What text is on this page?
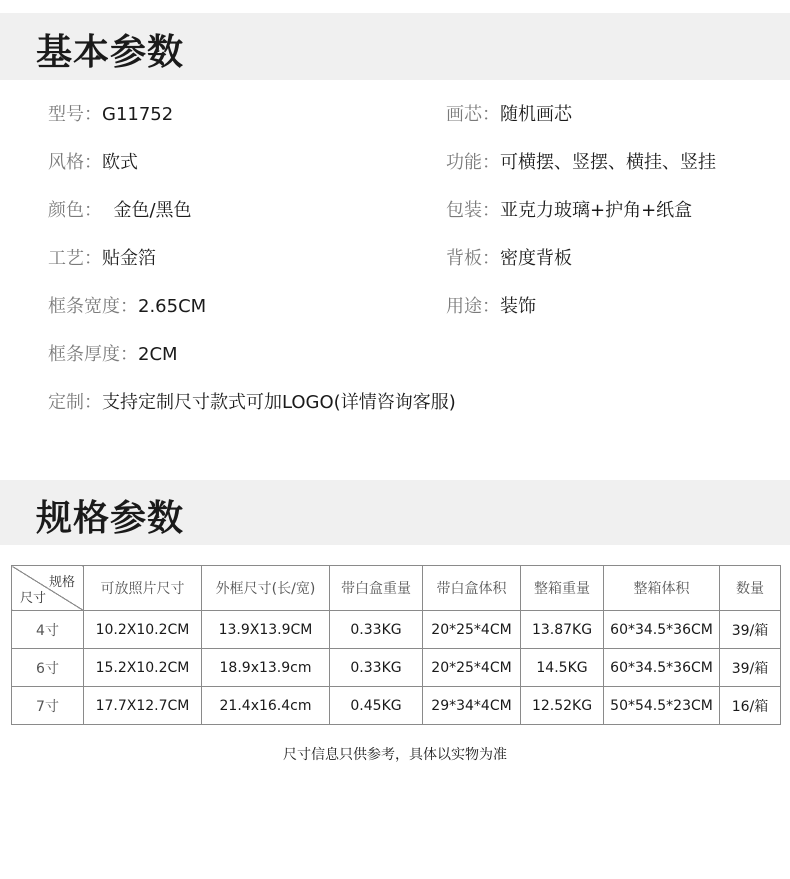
基本参数
型号：G11752
风格：欧式
颜色：  金色/黑色
工艺：贴金箔
框条宽度：2.65CM
框条厚度：2CM
定制：支持定制尺寸款式可加LOGO(详情咨询客服)
画芯：随机画芯
功能：可横摆、竖摆、横挂、竖挂
包装：亚克力玻璃+护角+纸盒
背板：密度背板
用途：装饰
规格参数
规格
尺寸	可放照片尺寸	外框尺寸(长/宽)	带白盒重量	带白盒体积	整箱重量	整箱体积	数量
4寸	10.2X10.2CM	13.9X13.9CM	0.33KG	20*25*4CM	13.87KG	60*34.5*36CM	39/箱
6寸	15.2X10.2CM	18.9x13.9cm	0.33KG	20*25*4CM	14.5KG	60*34.5*36CM	39/箱
7寸	17.7X12.7CM	21.4x16.4cm	0.45KG	29*34*4CM	12.52KG	50*54.5*23CM	16/箱
尺寸信息只供参考，具体以实物为准
